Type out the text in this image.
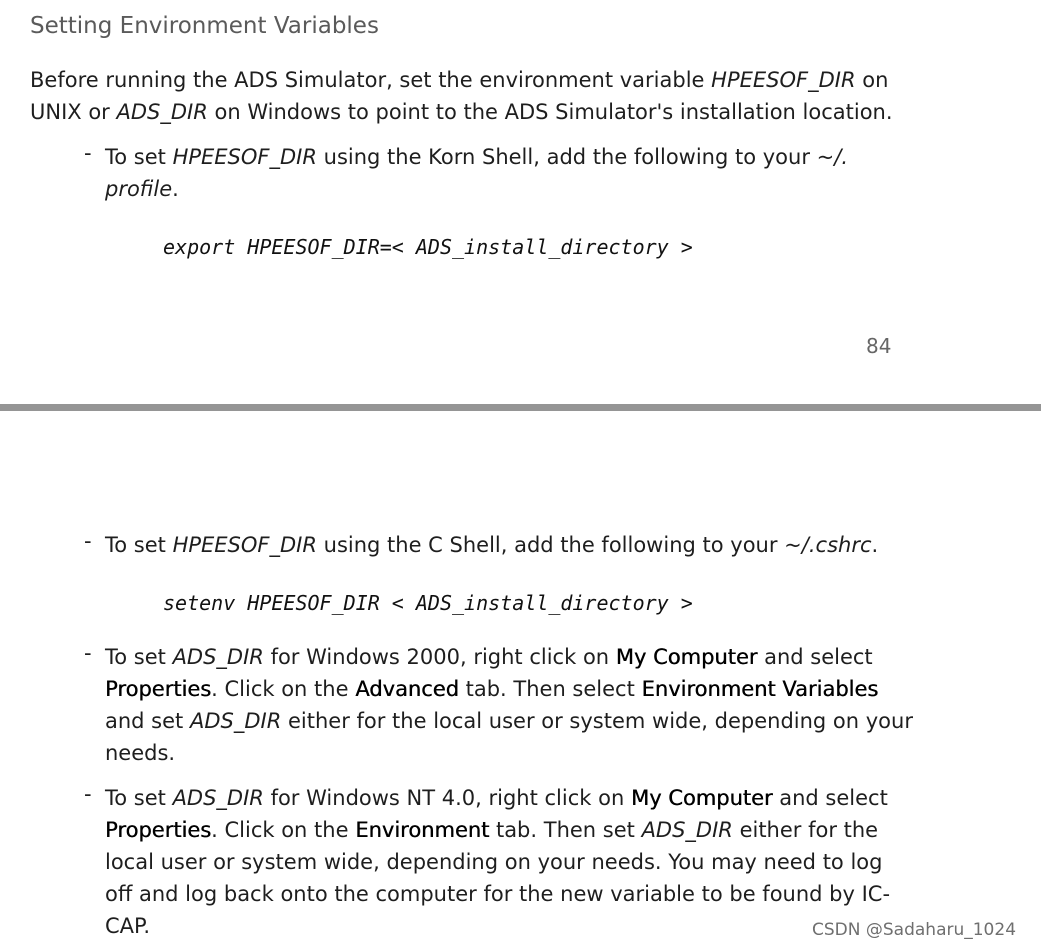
Setting Environment Variables
Before running the ADS Simulator, set the environment variable HPEESOF_DIR on
UNIX or ADS_DIR on Windows to point to the ADS Simulator's installation location.
- To set HPEESOF_DIR using the Korn Shell, add the following to your ~/.
profile.
export HPEESOF_DIR=< ADS_install_directory >
84
- To set HPEESOF_DIR using the C Shell, add the following to your ~/.cshrc.
setenv HPEESOF_DIR < ADS_install_directory >
- To set ADS_DIR for Windows 2000, right click on My Computer and select
Properties. Click on the Advanced tab. Then select Environment Variables
and set ADS_DIR either for the local user or system wide, depending on your
needs.
- To set ADS_DIR for Windows NT 4.0, right click on My Computer and select
Properties. Click on the Environment tab. Then set ADS_DIR either for the
local user or system wide, depending on your needs. You may need to log
off and log back onto the computer for the new variable to be found by IC-
CAP.	CSDN @Sadaharu_1024
